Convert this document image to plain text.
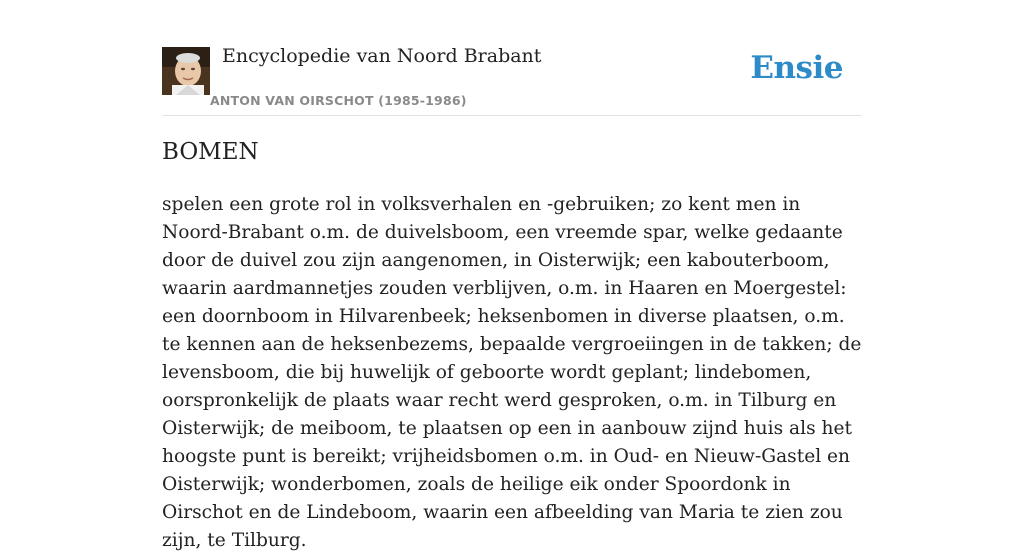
Encyclopedie van Noord Brabant
ANTON VAN OIRSCHOT (1985-1986)
Ensie
BOMEN

spelen een grote rol in volksverhalen en -gebruiken; zo kent men in Noord-Brabant o.m. de duivelsboom, een vreemde spar, welke gedaante door de duivel zou zijn aangenomen, in Oisterwijk; een kabouterboom, waarin aardmannetjes zouden verblijven, o.m. in Haaren en Moergestel: een doornboom in Hilvarenbeek; heksenbomen in diverse plaatsen, o.m. te kennen aan de heksenbezems, bepaalde vergroeiingen in de takken; de levensboom, die bij huwelijk of geboorte wordt geplant; lindebomen, oorspronkelijk de plaats waar recht werd gesproken, o.m. in Tilburg en Oisterwijk; de meiboom, te plaatsen op een in aanbouw zijnd huis als het hoogste punt is bereikt; vrijheidsbomen o.m. in Oud- en Nieuw-Gastel en Oisterwijk; wonderbomen, zoals de heilige eik onder Spoordonk in Oirschot en de Lindeboom, waarin een afbeelding van Maria te zien zou zijn, te Tilburg.
